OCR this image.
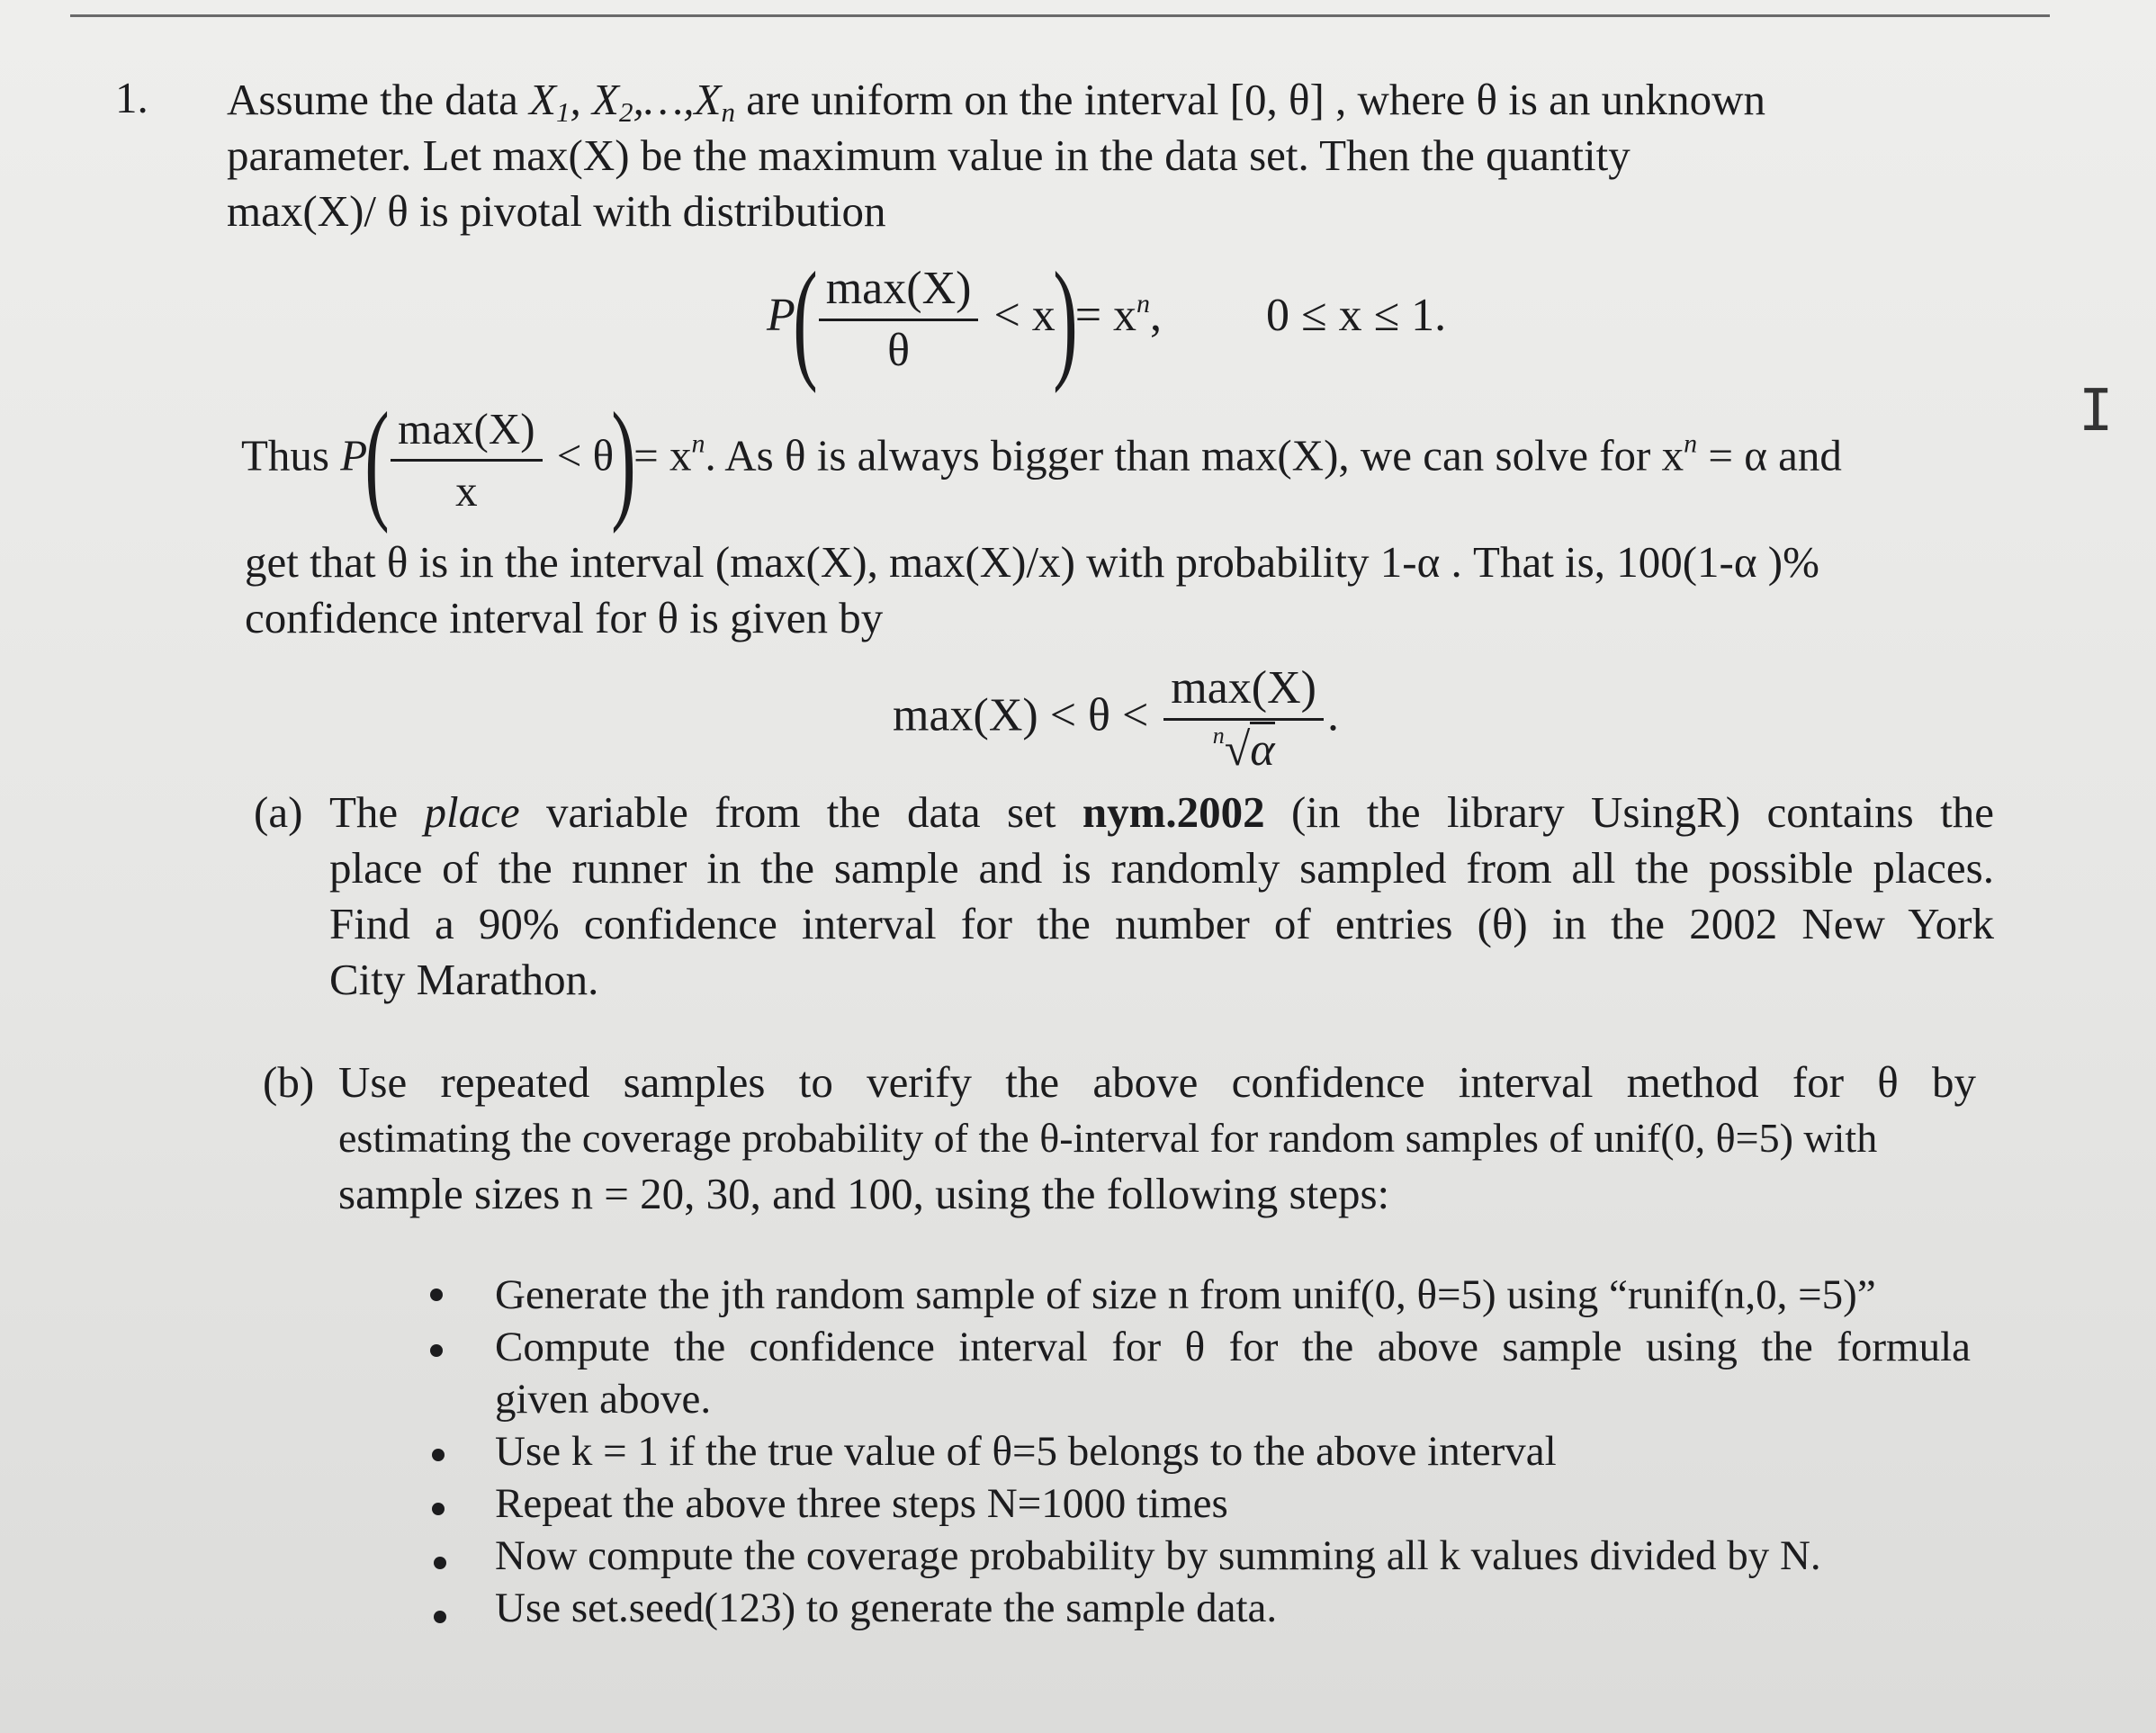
1. Assume the data $X_1$, $X_2,\dots,X_n$ are uniform on the interval [0, θ] , where θ is an unknown
parameter. Let max(X) be the maximum value in the data set. Then the quantity
max(X)/ θ is pivotal with distribution
$P( \frac{\max(X)}{\theta} < x)= x^n$, 0 ≤ x ≤ 1.
Thus $P( \frac{\max(X)}{x} < \theta)= x^n$. As θ is always bigger than max(X), we can solve for $x^n = \alpha$ and
get that θ is in the interval (max(X), max(X)/x) with probability 1-α . That is, 100(1-α )%
confidence interval for θ is given by
$\max(X) < \theta < \frac{\max(X)}{^n√\alpha}$ .
(a) The place variable from the data set nym.2002 (in the library UsingR) contains the
place of the runner in the sample and is randomly sampled from all the possible places.
Find a 90% confidence interval for the number of entries (θ) in the 2002 New York
City Marathon.
(b) Use repeated samples to verify the above confidence interval method for θ by
estimating the coverage probability of the θ-interval for random samples of unif(0, θ=5) with
sample sizes n = 20, 30, and 100, using the following steps:
Generate the jth random sample of size n from unif(0, θ=5) using “runif(n,0, =5)”
Compute the confidence interval for θ for the above sample using the formula
given above.
Use k = 1 if the true value of θ=5 belongs to the above interval
Repeat the above three steps N=1000 times
Now compute the coverage probability by summing all k values divided by N.
Use set.seed(123) to generate the sample data.
I
